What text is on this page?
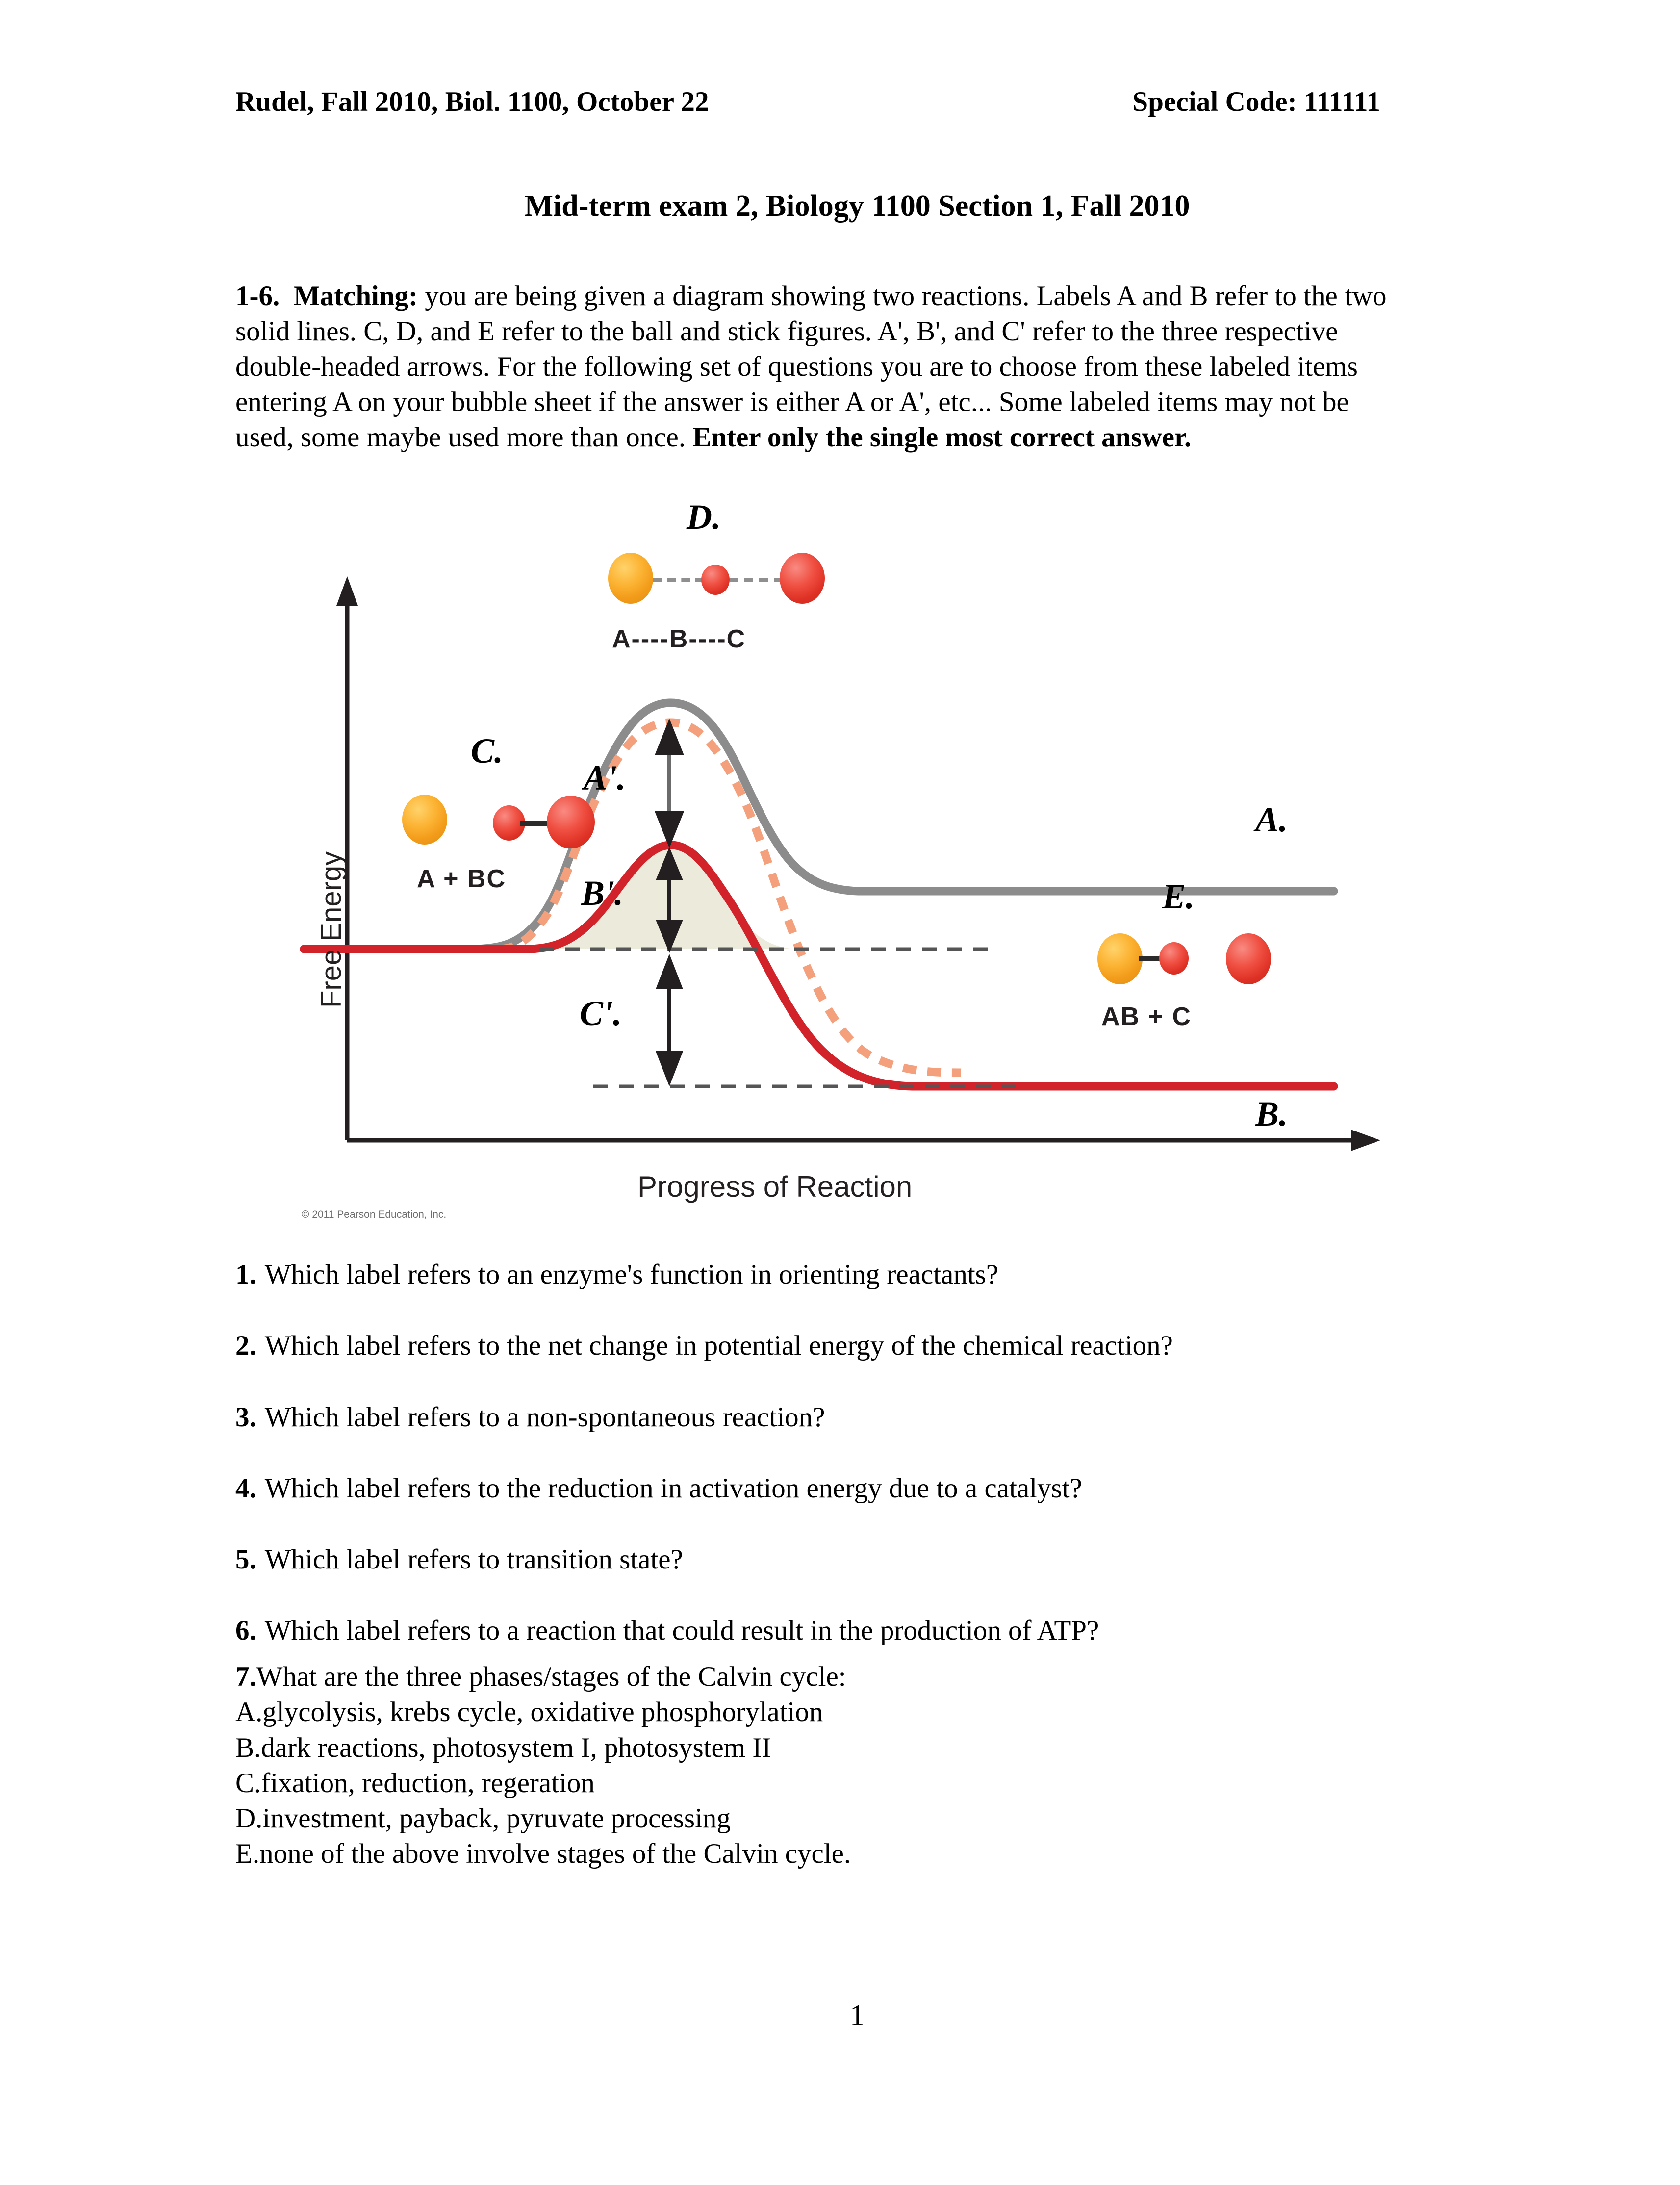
Rudel, Fall 2010, Biol. 1100, October 22	Special Code: 111111
Mid-term exam 2, Biology 1100 Section 1, Fall 2010
1-6. Matching: you are being given a diagram showing two reactions. Labels A and B refer to the two solid lines. C, D, and E refer to the ball and stick figures. A', B', and C' refer to the three respective double-headed arrows. For the following set of questions you are to choose from these labeled items entering A on your bubble sheet if the answer is either A or A', etc... Some labeled items may not be used, some maybe used more than once. Enter only the single most correct answer.
Free Energy
Progress of Reaction
© 2011 Pearson Education, Inc.
A + BC
C.
A----B----C
D.
AB + C
E.
A.
B.
A'.
B'.
C'.

1. Which label refers to an enzyme's function in orienting reactants?

2. Which label refers to the net change in potential energy of the chemical reaction?

3. Which label refers to a non-spontaneous reaction?

4. Which label refers to the reduction in activation energy due to a catalyst?

5. Which label refers to transition state?

6. Which label refers to a reaction that could result in the production of ATP?

7.What are the three phases/stages of the Calvin cycle:
A.glycolysis, krebs cycle, oxidative phosphorylation
B.dark reactions, photosystem I, photosystem II
C.fixation, reduction, regeration
D.investment, payback, pyruvate processing
E.none of the above involve stages of the Calvin cycle.
1
